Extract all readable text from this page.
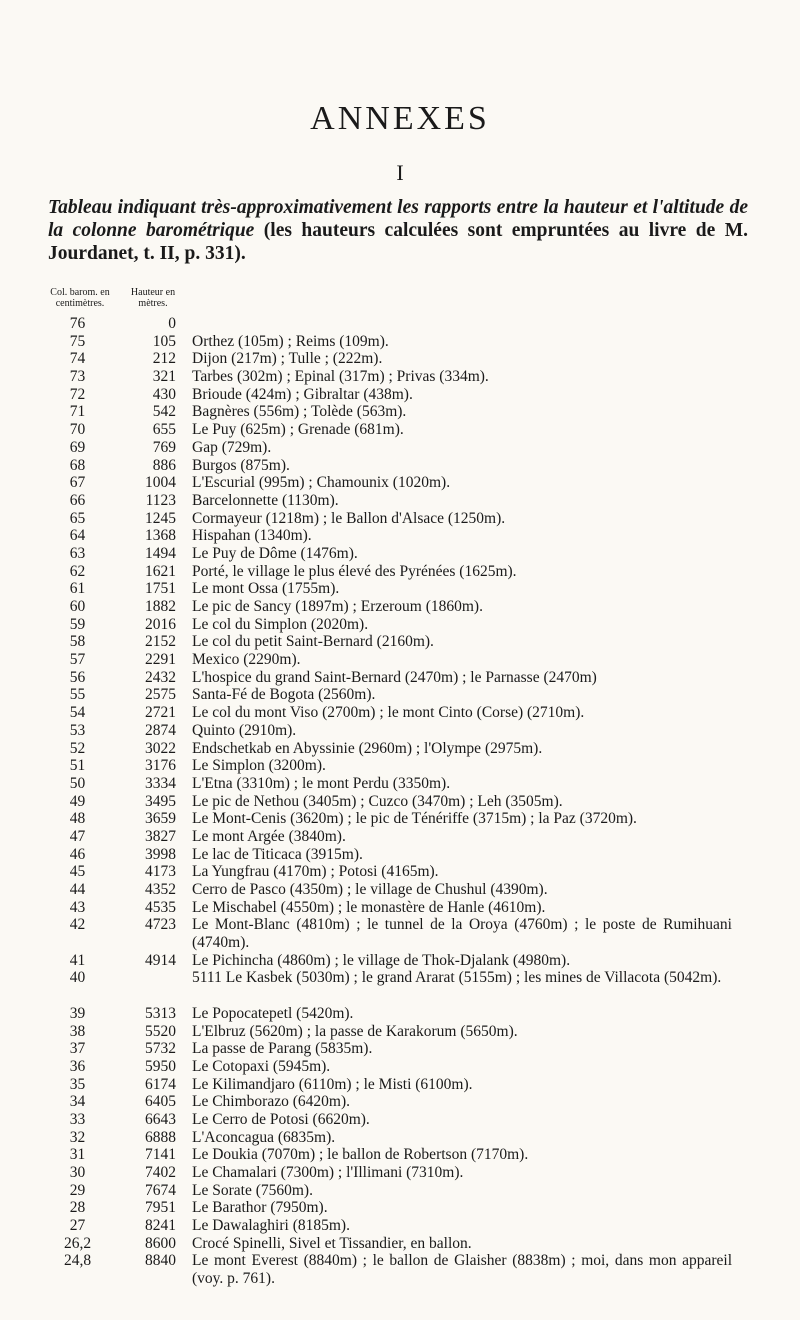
ANNEXES
I
Tableau indiquant très-approximativement les rapports entre la hauteur et l'altitude de la colonne barométrique (les hauteurs calculées sont empruntées au livre de M. Jourdanet, t. II, p. 331).
Col. barom. en centimètres.
Hauteur en mètres.
76	0
75	105 Orthez (105m) ; Reims (109m).
74	212 Dijon (217m) ; Tulle ; (222m).
73	321 Tarbes (302m) ; Epinal (317m) ; Privas (334m).
72	430 Brioude (424m) ; Gibraltar (438m).
71	542 Bagnères (556m) ; Tolède (563m).
70	655 Le Puy (625m) ; Grenade (681m).
69	769 Gap (729m).
68	886 Burgos (875m).
67	1004 L'Escurial (995m) ; Chamounix (1020m).
66	1123 Barcelonnette (1130m).
65	1245 Cormayeur (1218m) ; le Ballon d'Alsace (1250m).
64	1368 Hispahan (1340m).
63	1494 Le Puy de Dôme (1476m).
62	1621 Porté, le village le plus élevé des Pyrénées (1625m).
61	1751 Le mont Ossa (1755m).
60	1882 Le pic de Sancy (1897m) ; Erzeroum (1860m).
59	2016 Le col du Simplon (2020m).
58	2152 Le col du petit Saint-Bernard (2160m).
57	2291 Mexico (2290m).
56	2432 L'hospice du grand Saint-Bernard (2470m) ; le Parnasse (2470m)
55	2575 Santa-Fé de Bogota (2560m).
54	2721 Le col du mont Viso (2700m) ; le mont Cinto (Corse) (2710m).
53	2874 Quinto (2910m).
52	3022 Endschetkab en Abyssinie (2960m) ; l'Olympe (2975m).
51	3176 Le Simplon (3200m).
50	3334 L'Etna (3310m) ; le mont Perdu (3350m).
49	3495 Le pic de Nethou (3405m) ; Cuzco (3470m) ; Leh (3505m).
48	3659 Le Mont-Cenis (3620m) ; le pic de Ténériffe (3715m) ; la Paz (3720m).
47	3827 Le mont Argée (3840m).
46	3998 Le lac de Titicaca (3915m).
45	4173 La Yungfrau (4170m) ; Potosi (4165m).
44	4352 Cerro de Pasco (4350m) ; le village de Chushul (4390m).
43	4535 Le Mischabel (4550m) ; le monastère de Hanle (4610m).
42	4723 Le Mont-Blanc (4810m) ; le tunnel de la Oroya (4760m) ; le poste de Rumihuani (4740m).
41	4914 Le Pichincha (4860m) ; le village de Thok-Djalank (4980m).
40	5111 Le Kasbek (5030m) ; le grand Ararat (5155m) ; les mines de Villacota (5042m).
39	5313 Le Popocatepetl (5420m).
38	5520 L'Elbruz (5620m) ; la passe de Karakorum (5650m).
37	5732 La passe de Parang (5835m).
36	5950 Le Cotopaxi (5945m).
35	6174 Le Kilimandjaro (6110m) ; le Misti (6100m).
34	6405 Le Chimborazo (6420m).
33	6643 Le Cerro de Potosi (6620m).
32	6888 L'Aconcagua (6835m).
31	7141 Le Doukia (7070m) ; le ballon de Robertson (7170m).
30	7402 Le Chamalari (7300m) ; l'Illimani (7310m).
29	7674 Le Sorate (7560m).
28	7951 Le Barathor (7950m).
27	8241 Le Dawalaghiri (8185m).
26,2	8600 Crocé Spinelli, Sivel et Tissandier, en ballon.
24,8	8840 Le mont Everest (8840m) ; le ballon de Glaisher (8838m) ; moi, dans mon appareil (voy. p. 761).
